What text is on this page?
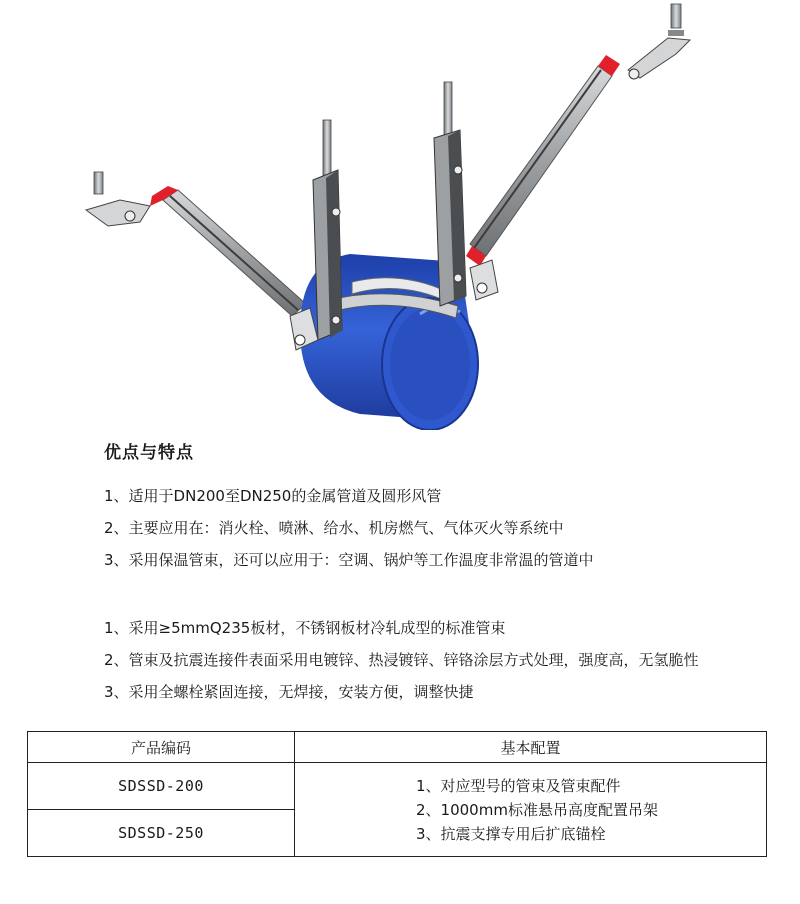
优点与特点
1、适用于DN200至DN250的金属管道及圆形风管
2、主要应用在：消火栓、喷淋、给水、机房燃气、气体灭火等系统中
3、采用保温管束，还可以应用于：空调、锅炉等工作温度非常温的管道中
1、采用≥5mmQ235板材，不锈钢板材冷轧成型的标准管束
2、管束及抗震连接件表面采用电镀锌、热浸镀锌、锌铬涂层方式处理，强度高，无氢脆性
3、采用全螺栓紧固连接，无焊接，安装方便，调整快捷
产品编码	基本配置
SDSSD-200	1、对应型号的管束及管束配件
2、1000mm标准悬吊高度配置吊架
3、抗震支撑专用后扩底锚栓

SDSSD-250	
